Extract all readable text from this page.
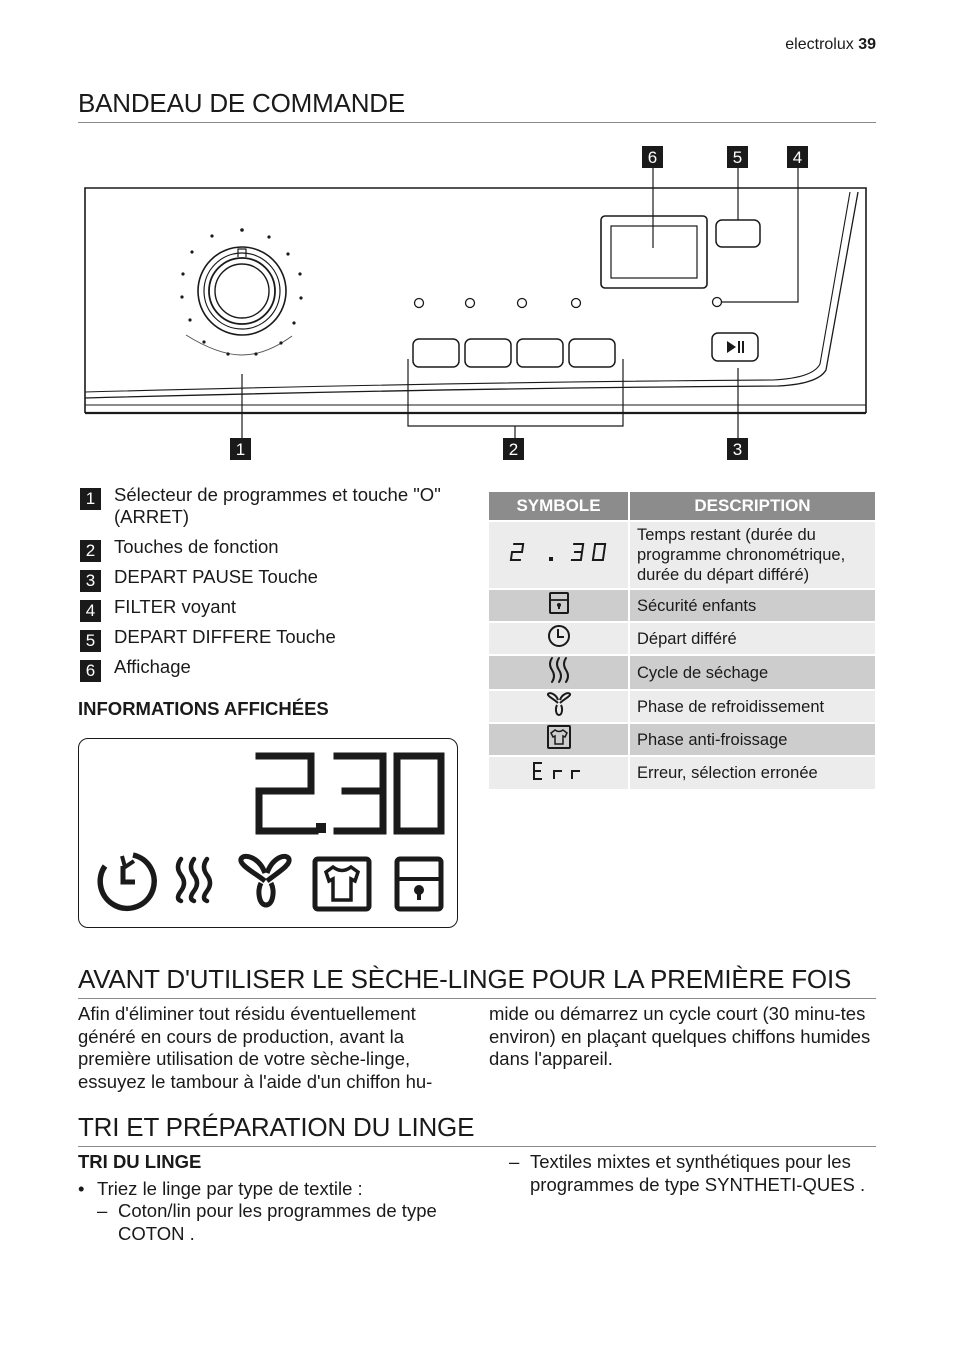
electrolux 39
BANDEAU DE COMMANDE
6	5	4
1	2	3
1	Sélecteur de programmes et touche "O" (ARRET)
2	Touches de fonction
3	DEPART PAUSE Touche
4	FILTER voyant
5	DEPART DIFFERE Touche
6	Affichage
INFORMATIONS AFFICHÉES
SYMBOLE	DESCRIPTION
	Temps restant (durée du programme chronométrique, durée du départ différé)
	Sécurité enfants
	Départ différé
	Cycle de séchage
	Phase de refroidissement
	Phase anti-froissage
	Erreur, sélection erronée
AVANT D'UTILISER LE SÈCHE-LINGE POUR LA PREMIÈRE FOIS
Afin d'éliminer tout résidu éventuellement généré en cours de production, avant la première utilisation de votre sèche-linge, essuyez le tambour à l'aide d'un chiffon hu-
mide ou démarrez un cycle court (30 minu-tes environ) en plaçant quelques chiffons humides dans l'appareil.
TRI ET PRÉPARATION DU LINGE
TRI DU LINGE
• Triez le linge par type de textile :
– Coton/lin pour les programmes de type COTON .
– Textiles mixtes et synthétiques pour les programmes de type SYNTHETI-QUES .
